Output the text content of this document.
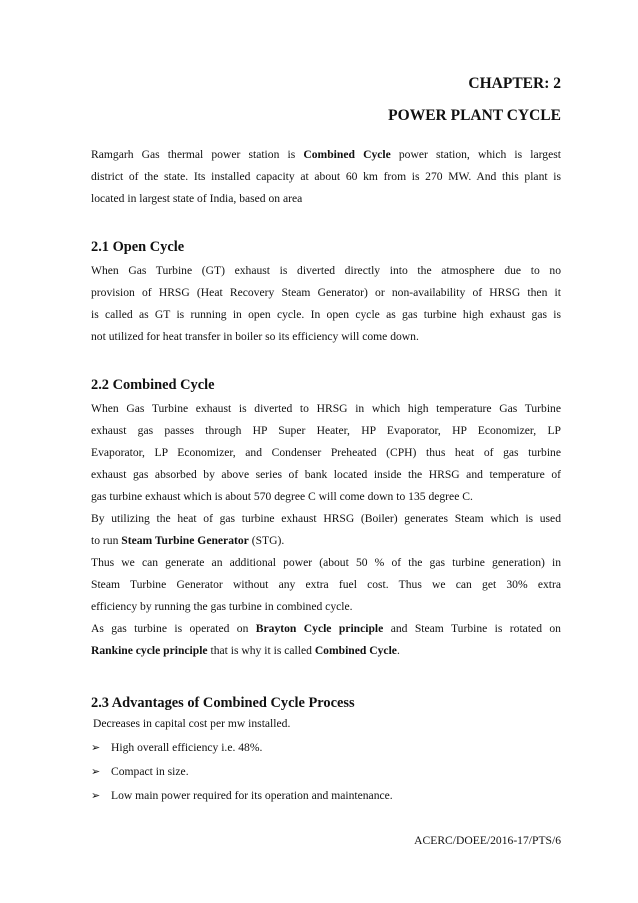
CHAPTER: 2
POWER PLANT CYCLE

Ramgarh Gas thermal power station is Combined Cycle power station, which is largest

district of the state. Its installed capacity at about 60 km from is 270 MW. And this plant is

located in largest state of India, based on area

2.1 Open Cycle

When Gas Turbine (GT) exhaust is diverted directly into the atmosphere due to no

provision of HRSG (Heat Recovery Steam Generator) or non-availability of HRSG then it

is called as GT is running in open cycle. In open cycle as gas turbine high exhaust gas is

not utilized for heat transfer in boiler so its efficiency will come down.

2.2 Combined Cycle

When Gas Turbine exhaust is diverted to HRSG in which high temperature Gas Turbine

exhaust gas passes through HP Super Heater, HP Evaporator, HP Economizer, LP

Evaporator, LP Economizer, and Condenser Preheated (CPH) thus heat of gas turbine

exhaust gas absorbed by above series of bank located inside the HRSG and temperature of

gas turbine exhaust which is about 570 degree C will come down to 135 degree C.

By utilizing the heat of gas turbine exhaust HRSG (Boiler) generates Steam which is used

to run Steam Turbine Generator (STG).

Thus we can generate an additional power (about 50 % of the gas turbine generation) in

Steam Turbine Generator without any extra fuel cost. Thus we can get 30% extra

efficiency by running the gas turbine in combined cycle.

As gas turbine is operated on Brayton Cycle principle and Steam Turbine is rotated on

Rankine cycle principle that is why it is called Combined Cycle.

2.3 Advantages of Combined Cycle Process
Decreases in capital cost per mw installed.
➢ High overall efficiency i.e. 48%.
➢ Compact in size.
➢ Low main power required for its operation and maintenance.
ACERC/DOEE/2016-17/PTS/6
